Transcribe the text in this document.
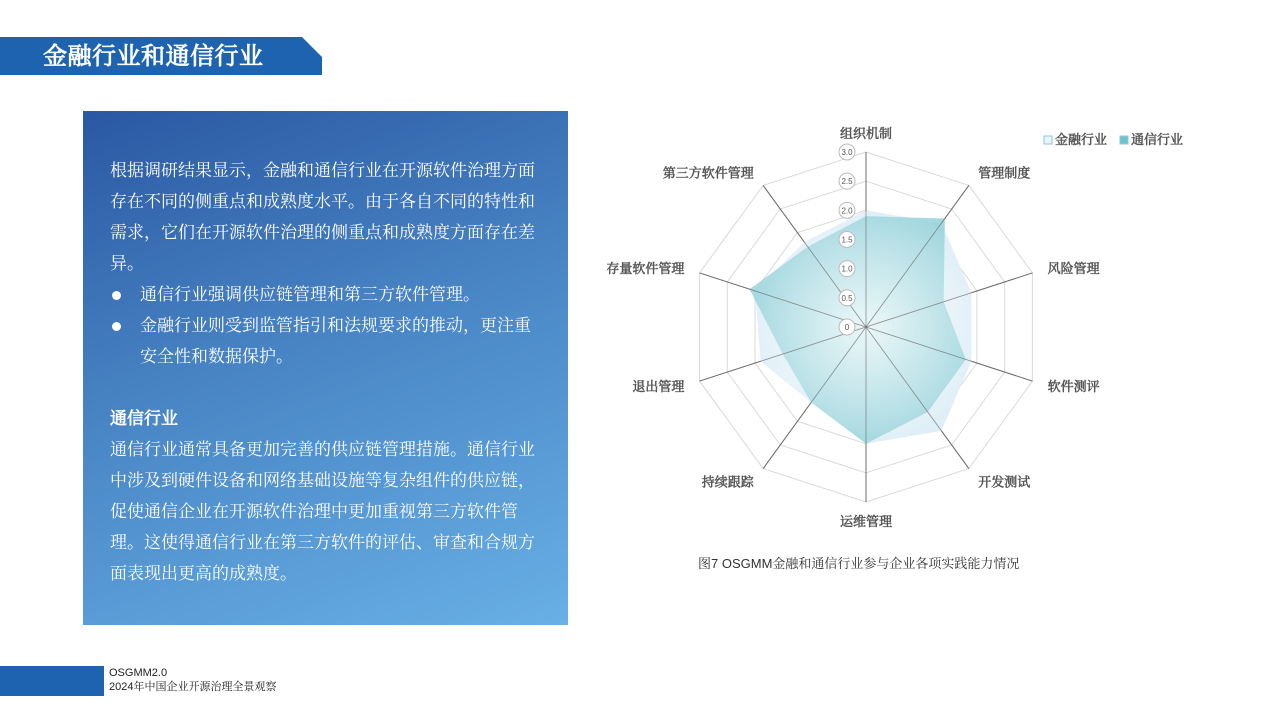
金融行业和通信行业

根据调研结果显示，金融和通信行业在开源软件治理方面存在不同的侧重点和成熟度水平。由于各自不同的特性和需求，它们在开源软件治理的侧重点和成熟度方面存在差异。

通信行业强调供应链管理和第三方软件管理。

金融行业则受到监管指引和法规要求的推动，更注重安全性和数据保护。

通信行业

通信行业通常具备更加完善的供应链管理措施。通信行业中涉及到硬件设备和网络基础设施等复杂组件的供应链，促使通信企业在开源软件治理中更加重视第三方软件管理。这使得通信行业在第三方软件的评估、审查和合规方面表现出更高的成熟度。

0
0.5
1.0
1.5
2.0
2.5
3.0
组织机制
管理制度
风险管理
软件测评
开发测试
运维管理
持续跟踪
退出管理
存量软件管理
第三方软件管理
金融行业 通信行业
图7 OSGMM金融和通信行业参与企业各项实践能力情况
OSGMM2.0
2024年中国企业开源治理全景观察
